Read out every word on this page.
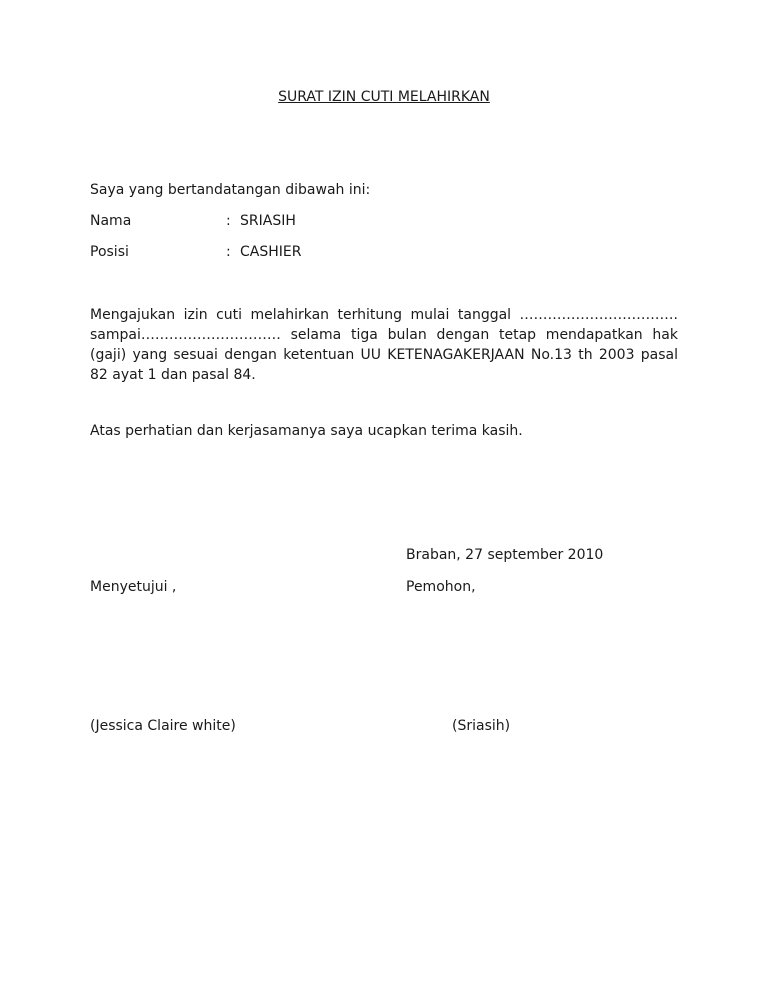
SURAT IZIN CUTI MELAHIRKAN
Saya yang bertandatangan dibawah ini:
Nama	: SRIASIH
Posisi	: CASHIER
Mengajukan izin cuti melahirkan terhitung mulai tanggal ……………………………. sampai………………………… selama tiga bulan dengan tetap mendapatkan hak (gaji) yang sesuai dengan ketentuan UU KETENAGAKERJAAN No.13 th 2003 pasal 82 ayat 1 dan pasal 84.
Atas perhatian dan kerjasamanya saya ucapkan terima kasih.
Braban, 27 september 2010
Menyetujui ,	Pemohon,
(Jessica Claire white)	(Sriasih)
